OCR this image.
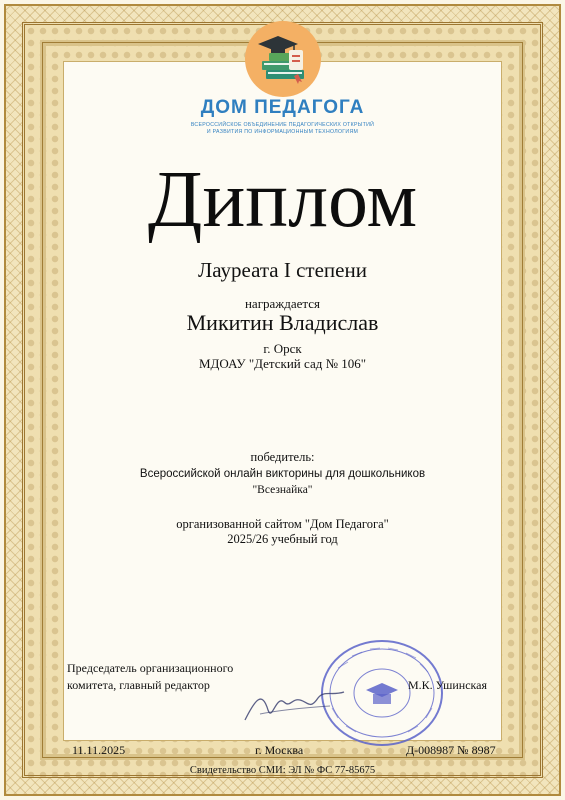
ДОМ ПЕДАГОГА
ВСЕРОССИЙСКОЕ ОБЪЕДИНЕНИЕ ПЕДАГОГИЧЕСКИХ ОТКРЫТИЙ
И РАЗВИТИЯ ПО ИНФОРМАЦИОННЫМ ТЕХНОЛОГИЯМ
Диплом
Лауреата I степени
награждается
Микитин Владислав
г. Орск
МДОАУ "Детский сад № 106"
победитель:
Всероссийской онлайн викторины для дошкольников
"Всезнайка"
организованной сайтом "Дом Педагога"
2025/26 учебный год
Председатель организационного
комитета, главный редактор	М.К. Ушинская
11.11.2025	г. Москва	Д-008987 № 8987
Свидетельство СМИ: ЭЛ № ФС 77-85675
